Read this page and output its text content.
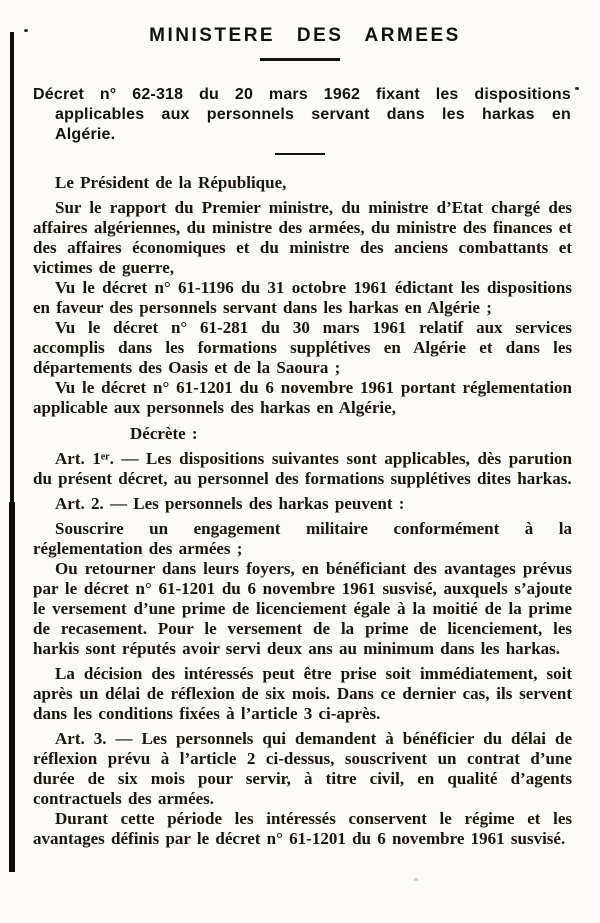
MINISTERE DES ARMEES

Décret n° 62-318 du 20 mars 1962 fixant les dispositions applicables aux personnels servant dans les harkas en Algérie.

Le Président de la République,

Sur le rapport du Premier ministre, du ministre d’Etat chargé des affaires algériennes, du ministre des armées, du ministre des finances et des affaires économiques et du ministre des anciens combattants et victimes de guerre,

Vu le décret n° 61-1196 du 31 octobre 1961 édictant les dispositions en faveur des personnels servant dans les harkas en Algérie ;

Vu le décret n° 61-281 du 30 mars 1961 relatif aux services accomplis dans les formations supplétives en Algérie et dans les départements des Oasis et de la Saoura ;

Vu le décret n° 61-1201 du 6 novembre 1961 portant réglementation applicable aux personnels des harkas en Algérie,

Décrète :

Art. 1ᵉʳ. — Les dispositions suivantes sont applicables, dès parution du présent décret, au personnel des formations supplétives dites harkas.

Art. 2. — Les personnels des harkas peuvent :

Souscrire un engagement militaire conformément à la réglementation des armées ;

Ou retourner dans leurs foyers, en bénéficiant des avantages prévus par le décret n° 61-1201 du 6 novembre 1961 susvisé, auxquels s’ajoute le versement d’une prime de licenciement égale à la moitié de la prime de recasement. Pour le versement de la prime de licenciement, les harkis sont réputés avoir servi deux ans au minimum dans les harkas.

La décision des intéressés peut être prise soit immédiatement, soit après un délai de réflexion de six mois. Dans ce dernier cas, ils servent dans les conditions fixées à l’article 3 ci-après.

Art. 3. — Les personnels qui demandent à bénéficier du délai de réflexion prévu à l’article 2 ci-dessus, souscrivent un contrat d’une durée de six mois pour servir, à titre civil, en qualité d’agents contractuels des armées.

Durant cette période les intéressés conservent le régime et les avantages définis par le décret n° 61-1201 du 6 novembre 1961 susvisé.
